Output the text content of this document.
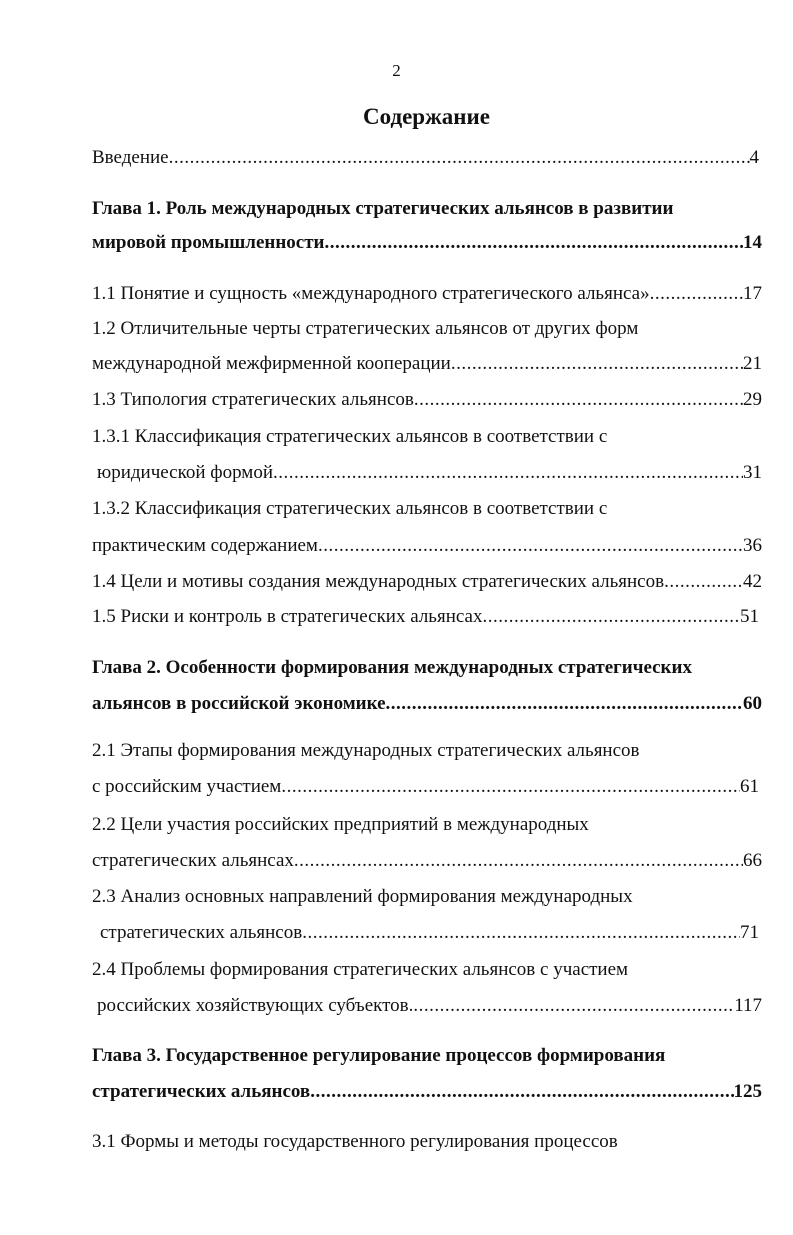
2
Содержание
Введение .....	4
Глава 1. Роль международных стратегических альянсов в развитии
мировой промышленности .....	14
1.1 Понятие и сущность «международного стратегического альянса» .....	17
1.2 Отличительные черты стратегических альянсов от других форм
международной межфирменной кооперации .....	21
1.3 Типология стратегических альянсов .....	29
1.3.1 Классификация стратегических альянсов в соответствии с
юридической формой .....	31
1.3.2 Классификация стратегических альянсов в соответствии с
практическим содержанием .....	36
1.4 Цели и мотивы создания международных стратегических альянсов .....	42
1.5 Риски и контроль в стратегических альянсах .....	51
Глава 2. Особенности формирования международных стратегических
альянсов в российской экономике .....	60
2.1 Этапы формирования международных стратегических альянсов
с российским участием .....	61
2.2 Цели участия российских предприятий в международных
стратегических альянсах .....	66
2.3 Анализ основных направлений формирования международных
стратегических альянсов .....	71
2.4 Проблемы формирования стратегических альянсов с участием
российских хозяйствующих субъектов. .....	117
Глава 3. Государственное регулирование процессов формирования
стратегических альянсов .....	125
3.1 Формы и методы государственного регулирования процессов
